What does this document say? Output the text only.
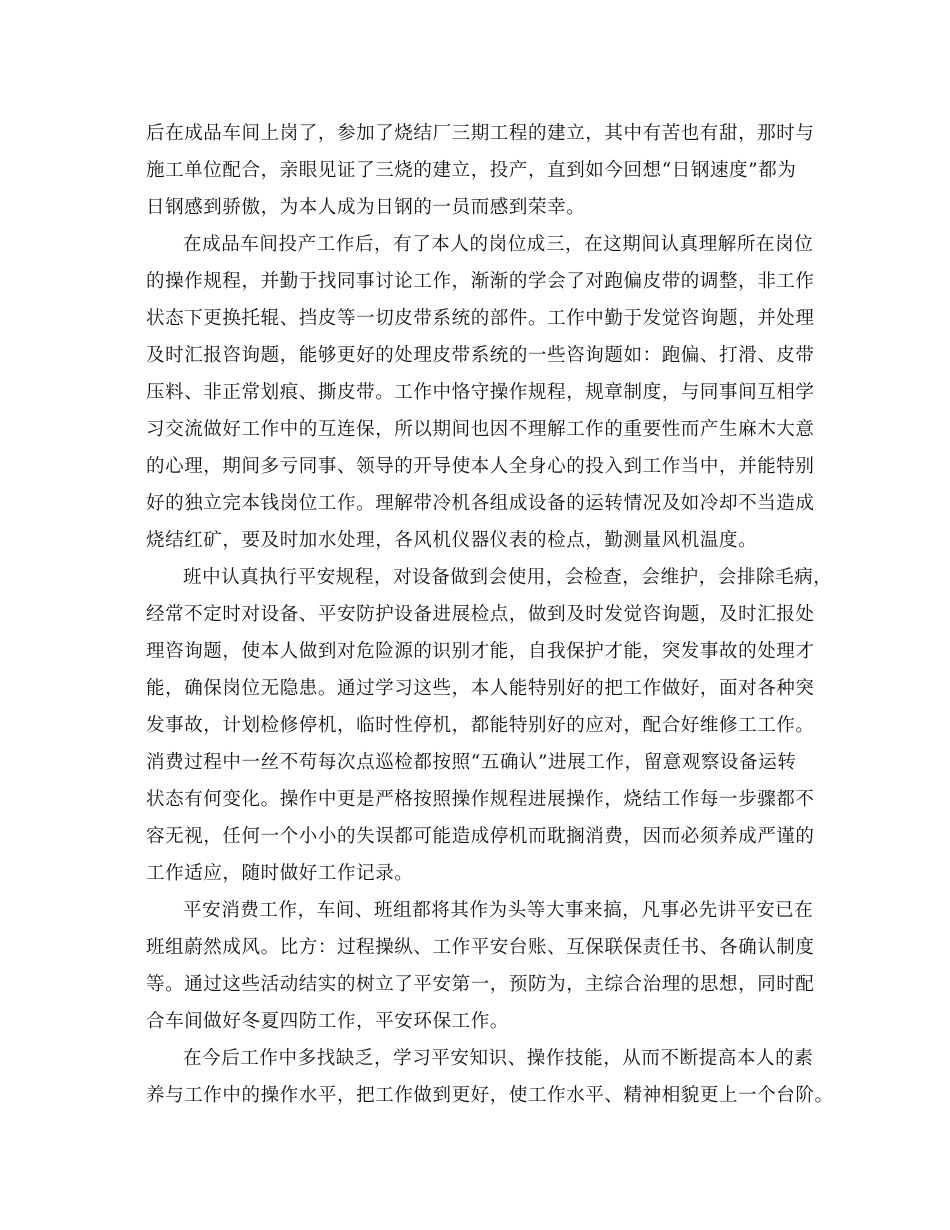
后在成品车间上岗了，参加了烧结厂三期工程的建立，其中有苦也有甜，那时与
施工单位配合，亲眼见证了三烧的建立，投产，直到如今回想“日钢速度”都为
日钢感到骄傲，为本人成为日钢的一员而感到荣幸。
在成品车间投产工作后，有了本人的岗位成三，在这期间认真理解所在岗位
的操作规程，并勤于找同事讨论工作，渐渐的学会了对跑偏皮带的调整，非工作
状态下更换托辊、挡皮等一切皮带系统的部件。工作中勤于发觉咨询题，并处理
及时汇报咨询题，能够更好的处理皮带系统的一些咨询题如：跑偏、打滑、皮带
压料、非正常划痕、撕皮带。工作中恪守操作规程，规章制度，与同事间互相学
习交流做好工作中的互连保，所以期间也因不理解工作的重要性而产生麻木大意
的心理，期间多亏同事、领导的开导使本人全身心的投入到工作当中，并能特别
好的独立完本钱岗位工作。理解带冷机各组成设备的运转情况及如冷却不当造成
烧结红矿，要及时加水处理，各风机仪器仪表的检点，勤测量风机温度。
班中认真执行平安规程，对设备做到会使用，会检查，会维护，会排除毛病，
经常不定时对设备、平安防护设备进展检点，做到及时发觉咨询题，及时汇报处
理咨询题，使本人做到对危险源的识别才能，自我保护才能，突发事故的处理才
能，确保岗位无隐患。通过学习这些，本人能特别好的把工作做好，面对各种突
发事故，计划检修停机，临时性停机，都能特别好的应对，配合好维修工工作。
消费过程中一丝不苟每次点巡检都按照“五确认”进展工作，留意观察设备运转
状态有何变化。操作中更是严格按照操作规程进展操作，烧结工作每一步骤都不
容无视，任何一个小小的失误都可能造成停机而耽搁消费，因而必须养成严谨的
工作适应，随时做好工作记录。
平安消费工作，车间、班组都将其作为头等大事来搞，凡事必先讲平安已在
班组蔚然成风。比方：过程操纵、工作平安台账、互保联保责任书、各确认制度
等。通过这些活动结实的树立了平安第一，预防为，主综合治理的思想，同时配
合车间做好冬夏四防工作，平安环保工作。
在今后工作中多找缺乏，学习平安知识、操作技能，从而不断提高本人的素
养与工作中的操作水平，把工作做到更好，使工作水平、精神相貌更上一个台阶。
